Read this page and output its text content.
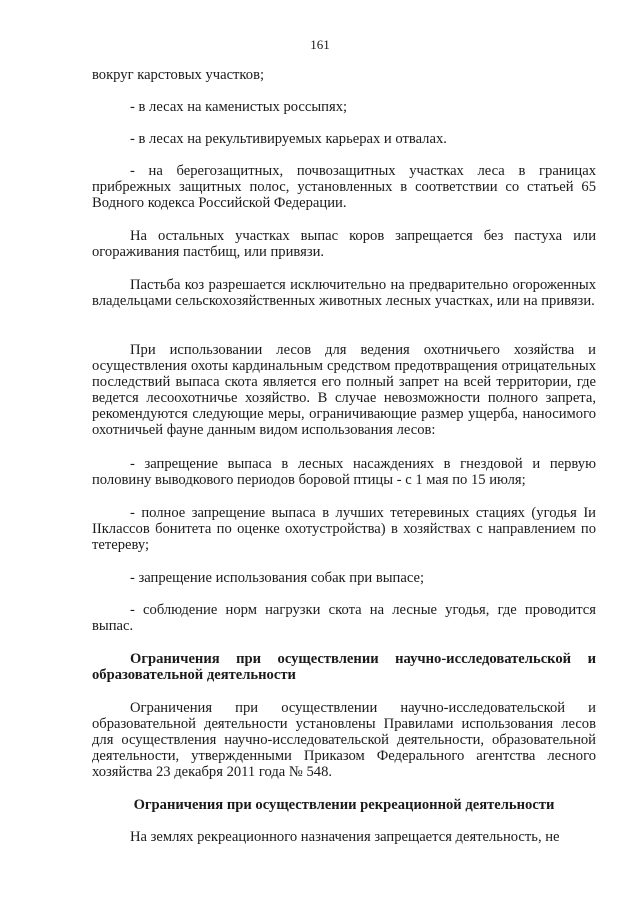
161

вокруг карстовых участков;

- в лесах на каменистых россыпях;

- в лесах на рекультивируемых карьерах и отвалах.

- на берегозащитных, почвозащитных участках леса в границах прибрежных защитных полос, установленных в соответствии со статьей 65 Водного кодекса Российской Федерации.

На остальных участках выпас коров запрещается без пастуха или огораживания пастбищ, или привязи.

Пастьба коз разрешается исключительно на предварительно огороженных владельцами сельскохозяйственных животных лесных участках, или на привязи.

При использовании лесов для ведения охотничьего хозяйства и осуществления охоты кардинальным средством предотвращения отрицательных последствий выпаса скота является его полный запрет на всей территории, где ведется лесоохотничье хозяйство. В случае невозможности полного запрета, рекомендуются следующие меры, ограничивающие размер ущерба, наносимого охотничьей фауне данным видом использования лесов:

- запрещение выпаса в лесных насаждениях в гнездовой и первую половину выводкового периодов боровой птицы - с 1 мая по 15 июля;

- полное запрещение выпаса в лучших тетеревиных стациях (угодья Iи IIклассов бонитета по оценке охотустройства) в хозяйствах с направлением по тетереву;

- запрещение использования собак при выпасе;

- соблюдение норм нагрузки скота на лесные угодья, где проводится выпас.

Ограничения при осуществлении научно-исследовательской и образовательной деятельности

Ограничения при осуществлении научно-исследовательской и образовательной деятельности установлены Правилами использования лесов для осуществления научно-исследовательской деятельности, образовательной деятельности, утвержденными Приказом Федерального агентства лесного хозяйства 23 декабря 2011 года № 548.

Ограничения при осуществлении рекреационной деятельности

На землях рекреационного назначения запрещается деятельность, не
